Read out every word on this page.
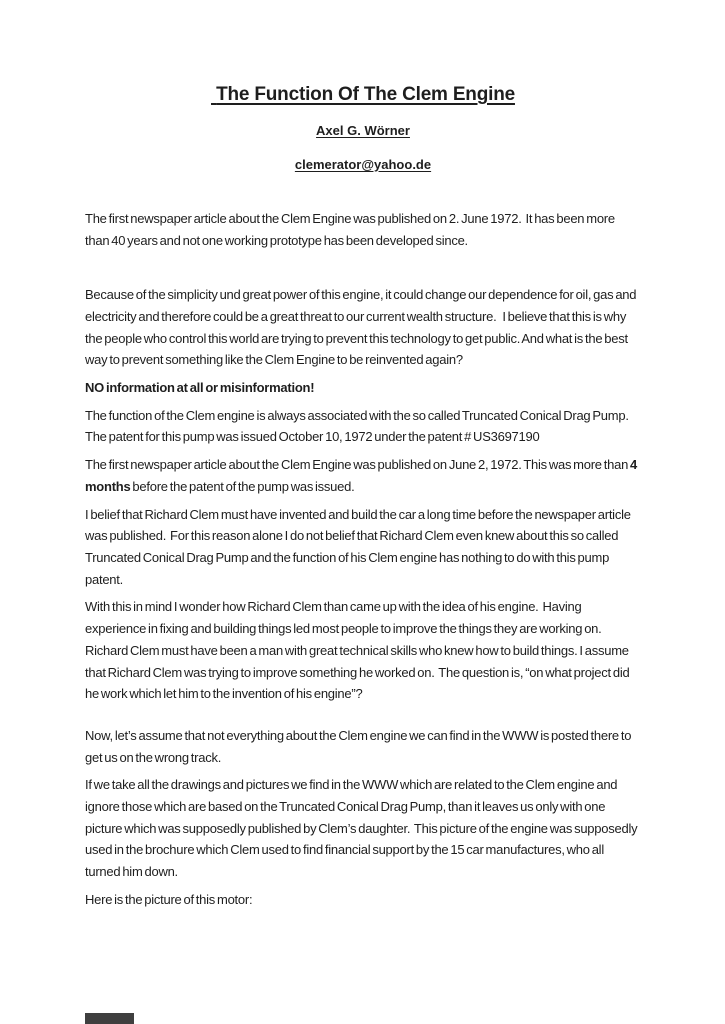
The Function Of The Clem Engine
Axel G. Wörner
clemerator@yahoo.de

The first newspaper article about the Clem Engine was published on 2. June 1972.  It has been more than 40 years and not one working prototype has been developed since.

Because of the simplicity und great power of this engine, it could change our dependence for oil, gas and electricity and therefore could be a great threat to our current wealth structure.   I believe that this is why the people who control this world are trying to prevent this technology to get public. And what is the best way to prevent something like the Clem Engine to be reinvented again?

NO information at all or misinformation!

The function of the Clem engine is always associated with the so called Truncated Conical Drag Pump. The patent for this pump was issued October 10, 1972 under the patent # US3697190

The first newspaper article about the Clem Engine was published on June 2, 1972. This was more than 4 months before the patent of the pump was issued.

I belief that Richard Clem must have invented and build the car a long time before the newspaper article was published.  For this reason alone I do not belief that Richard Clem even knew about this so called Truncated Conical Drag Pump and the function of his Clem engine has nothing to do with this pump patent.

With this in mind I wonder how Richard Clem than came up with the idea of his engine.  Having experience in fixing and building things led most people to improve the things they are working on. Richard Clem must have been a man with great technical skills who knew how to build things. I assume that Richard Clem was trying to improve something he worked on.  The question is, “on what project did he work which let him to the invention of his engine”?

Now, let’s assume that not everything about the Clem engine we can find in the WWW is posted there to get us on the wrong track.

If we take all the drawings and pictures we find in the WWW which are related to the Clem engine and ignore those which are based on the Truncated Conical Drag Pump, than it leaves us only with one picture which was supposedly published by Clem’s daughter.  This picture of the engine was supposedly used in the brochure which Clem used to find financial support by the 15 car manufactures, who all turned him down.

Here is the picture of this motor:
